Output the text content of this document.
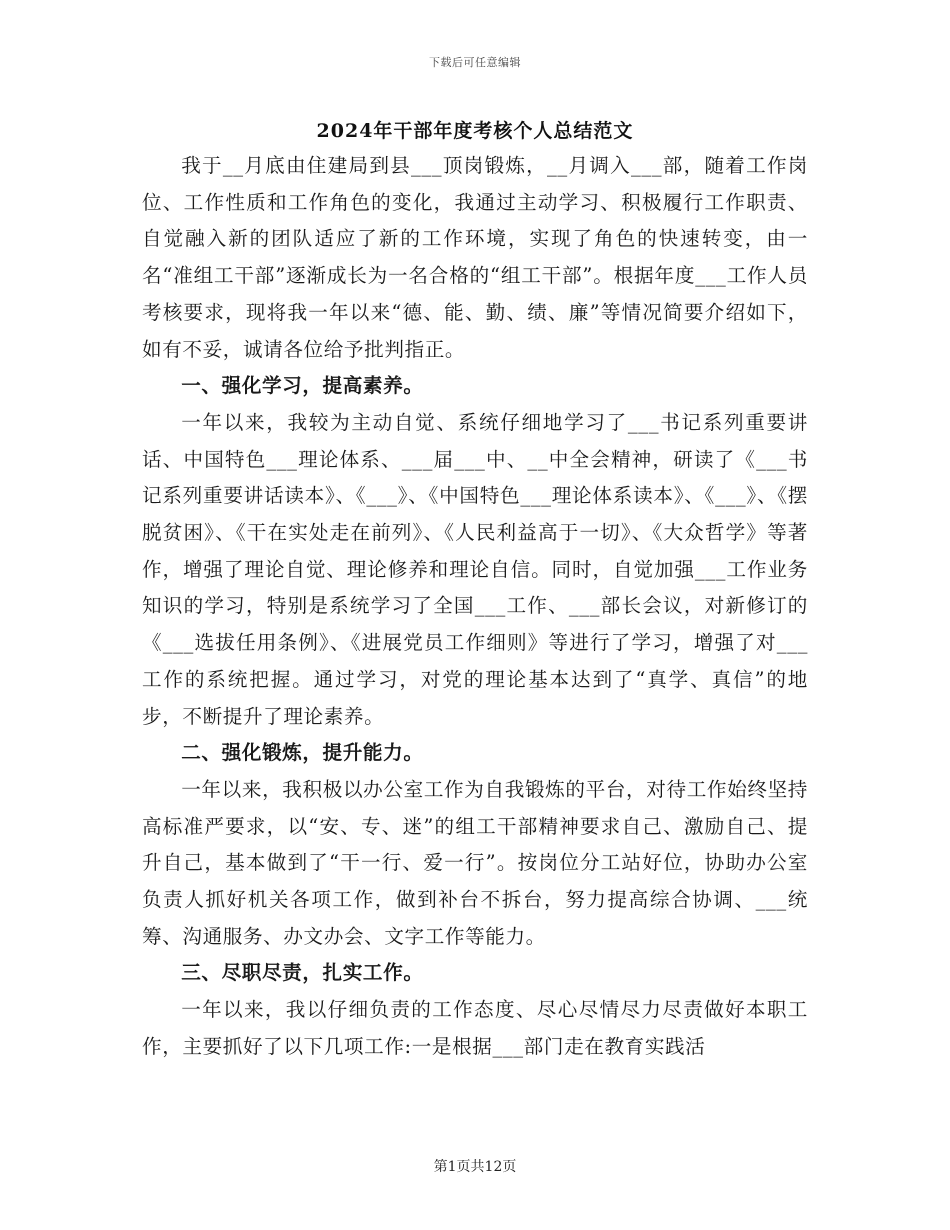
下载后可任意编辑
2024年干部年度考核个人总结范文

我于__月底由住建局到县___顶岗锻炼，__月调入___部，随着工作岗位、工作性质和工作角色的变化，我通过主动学习、积极履行工作职责、自觉融入新的团队适应了新的工作环境，实现了角色的快速转变，由一名“准组工干部”逐渐成长为一名合格的“组工干部”。根据年度___工作人员考核要求，现将我一年以来“德、能、勤、绩、廉”等情况简要介绍如下，如有不妥，诚请各位给予批判指正。

一、强化学习，提高素养。

一年以来，我较为主动自觉、系统仔细地学习了___书记系列重要讲话、中国特色___理论体系、___届___中、__中全会精神，研读了《___书记系列重要讲话读本》、《___》、《中国特色___理论体系读本》、《___》、《摆脱贫困》、《干在实处走在前列》、《人民利益高于一切》、《大众哲学》等著作，增强了理论自觉、理论修养和理论自信。同时，自觉加强___工作业务知识的学习，特别是系统学习了全国___工作、___部长会议，对新修订的《___选拔任用条例》、《进展党员工作细则》等进行了学习，增强了对___工作的系统把握。通过学习，对党的理论基本达到了“真学、真信”的地步，不断提升了理论素养。

二、强化锻炼，提升能力。

一年以来，我积极以办公室工作为自我锻炼的平台，对待工作始终坚持高标准严要求，以“安、专、迷”的组工干部精神要求自己、激励自己、提升自己，基本做到了“干一行、爱一行”。按岗位分工站好位，协助办公室负责人抓好机关各项工作，做到补台不拆台，努力提高综合协调、___统筹、沟通服务、办文办会、文字工作等能力。

三、尽职尽责，扎实工作。

一年以来，我以仔细负责的工作态度、尽心尽情尽力尽责做好本职工作，主要抓好了以下几项工作:一是根据___部门走在教育实践活

第1页共12页
